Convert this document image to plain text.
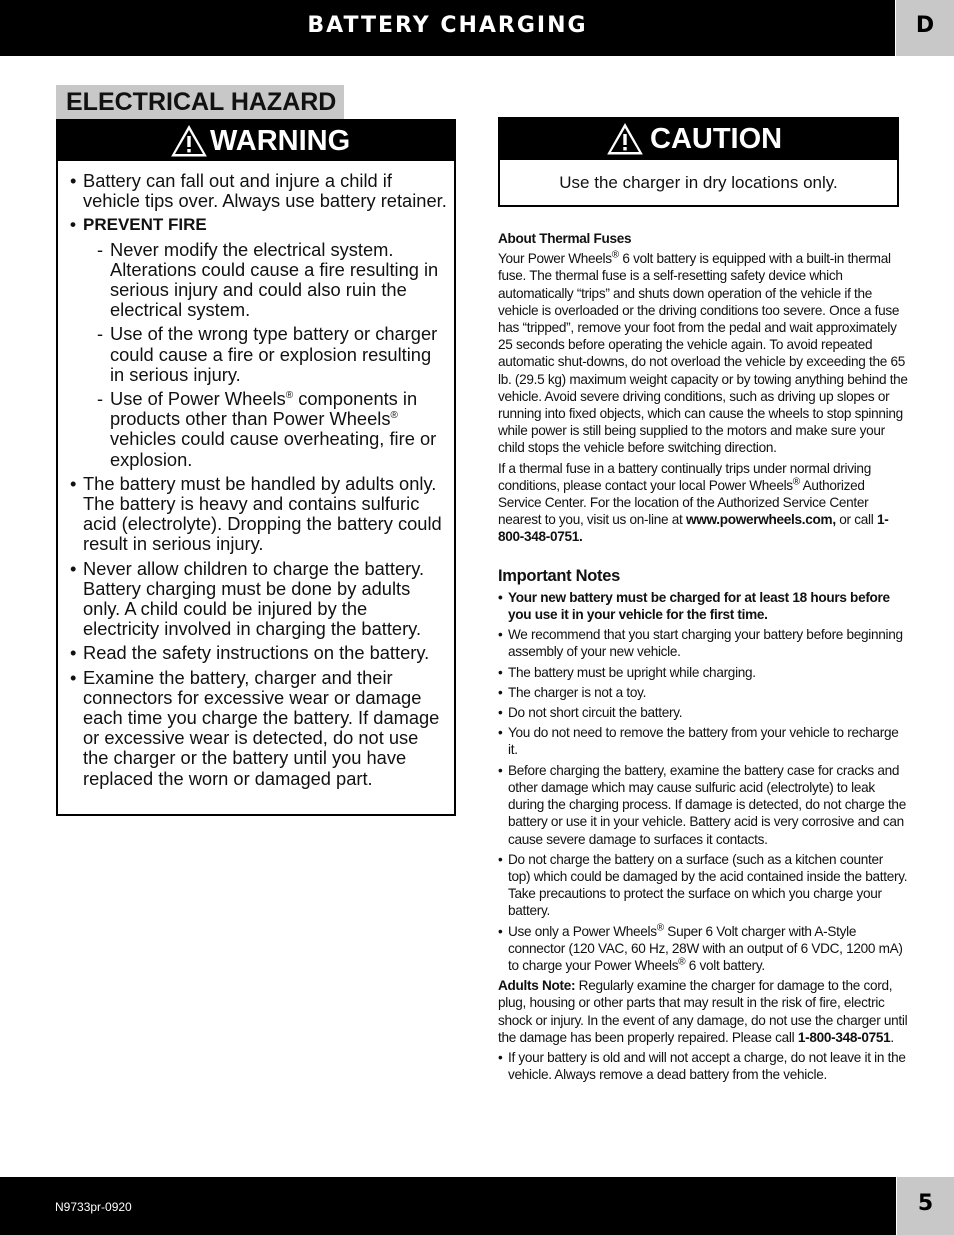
BATTERY CHARGING	D
ELECTRICAL HAZARD
WARNING
• Battery can fall out and injure a child if vehicle tips over. Always use battery retainer.
• PREVENT FIRE
- Never modify the electrical system. Alterations could cause a fire resulting in serious injury and could also ruin the electrical system.
- Use of the wrong type battery or charger could cause a fire or explosion resulting in serious injury.
- Use of Power Wheels® components in products other than Power Wheels® vehicles could cause overheating, fire or explosion.
• The battery must be handled by adults only. The battery is heavy and contains sulfuric acid (electrolyte). Dropping the battery could result in serious injury.
• Never allow children to charge the battery. Battery charging must be done by adults only. A child could be injured by the electricity involved in charging the battery.
• Read the safety instructions on the battery.
• Examine the battery, charger and their connectors for excessive wear or damage each time you charge the battery. If damage or excessive wear is detected, do not use the charger or the battery until you have replaced the worn or damaged part.
CAUTION
Use the charger in dry locations only.

About Thermal Fuses

Your Power Wheels® 6 volt battery is equipped with a built-in thermal fuse. The thermal fuse is a self-resetting safety device which automatically “trips” and shuts down operation of the vehicle if the vehicle is overloaded or the driving conditions too severe. Once a fuse has “tripped”, remove your foot from the pedal and wait approximately 25 seconds before operating the vehicle again. To avoid repeated automatic shut-downs, do not overload the vehicle by exceeding the 65 lb. (29.5 kg) maximum weight capacity or by towing anything behind the vehicle. Avoid severe driving conditions, such as driving up slopes or running into fixed objects, which can cause the wheels to stop spinning while power is still being supplied to the motors and make sure your child stops the vehicle before switching direction.

If a thermal fuse in a battery continually trips under normal driving conditions, please contact your local Power Wheels® Authorized Service Center. For the location of the Authorized Service Center nearest to you, visit us on-line at www.powerwheels.com, or call 1-800-348-0751.

Important Notes

• Your new battery must be charged for at least 18 hours before you use it in your vehicle for the first time.

• We recommend that you start charging your battery before beginning assembly of your new vehicle.

• The battery must be upright while charging.

• The charger is not a toy.

• Do not short circuit the battery.

• You do not need to remove the battery from your vehicle to recharge it.

• Before charging the battery, examine the battery case for cracks and other damage which may cause sulfuric acid (electrolyte) to leak during the charging process. If damage is detected, do not charge the battery or use it in your vehicle. Battery acid is very corrosive and can cause severe damage to surfaces it contacts.

• Do not charge the battery on a surface (such as a kitchen counter top) which could be damaged by the acid contained inside the battery. Take precautions to protect the surface on which you charge your battery.

• Use only a Power Wheels® Super 6 Volt charger with A-Style connector (120 VAC, 60 Hz, 28W with an output of 6 VDC, 1200 mA) to charge your Power Wheels® 6 volt battery.

Adults Note: Regularly examine the charger for damage to the cord, plug, housing or other parts that may result in the risk of fire, electric shock or injury. In the event of any damage, do not use the charger until the damage has been properly repaired. Please call 1-800-348-0751.

• If your battery is old and will not accept a charge, do not leave it in the vehicle. Always remove a dead battery from the vehicle.

N9733pr-0920	5
